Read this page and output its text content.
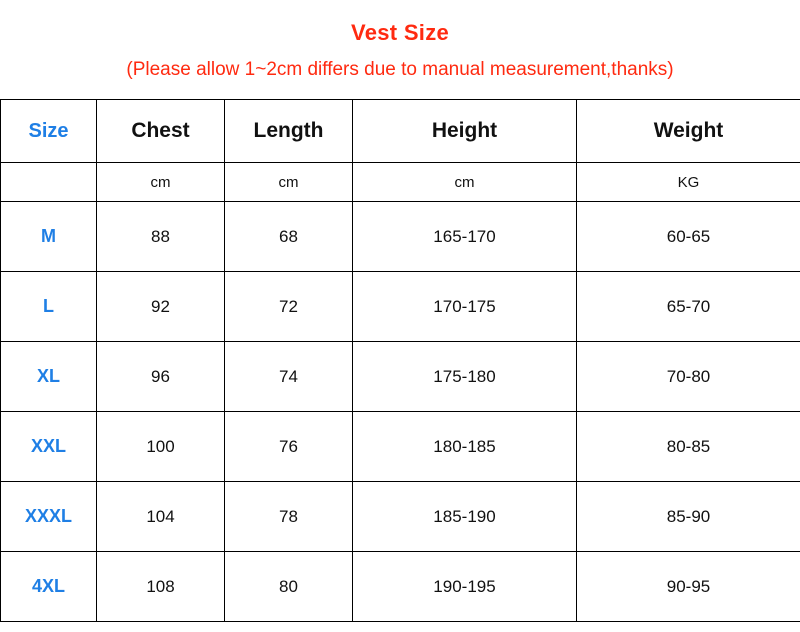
Vest Size
(Please allow 1~2cm differs due to manual measurement,thanks)
Size	Chest	Length	Height	Weight
	cm	cm	cm	KG
M	88	68	165-170	60-65
L	92	72	170-175	65-70
XL	96	74	175-180	70-80
XXL	100	76	180-185	80-85
XXXL	104	78	185-190	85-90
4XL	108	80	190-195	90-95
